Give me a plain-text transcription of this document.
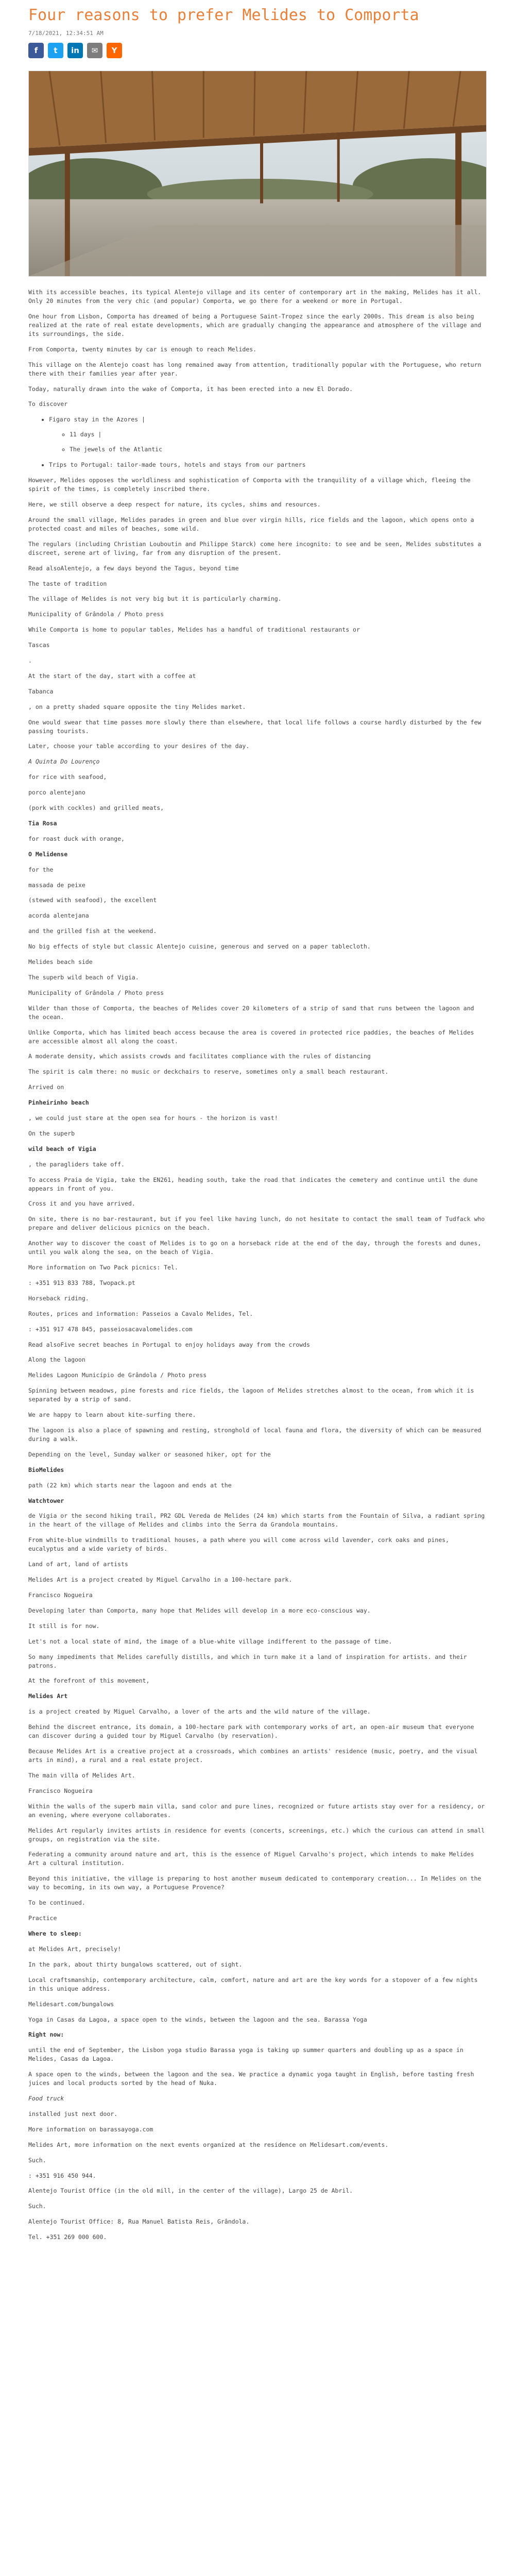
Four reasons to prefer Melides to Comporta
7/18/2021, 12:34:51 AM
f t in ✉ Y

With its accessible beaches, its typical Alentejo village and its center of contemporary art in the making, Melides has it all. Only 20 minutes from the very chic (and popular) Comporta, we go there for a weekend or more in Portugal.

One hour from Lisbon, Comporta has dreamed of being a Portuguese Saint-Tropez since the early 2000s. This dream is also being realized at the rate of real estate developments, which are gradually changing the appearance and atmosphere of the village and its surroundings, the side.

From Comporta, twenty minutes by car is enough to reach Melides.

This village on the Alentejo coast has long remained away from attention, traditionally popular with the Portuguese, who return there with their families year after year.

Today, naturally drawn into the wake of Comporta, it has been erected into a new El Dorado.

To discover

• Figaro stay in the Azores |
◦ 11 days |
◦ The jewels of the Atlantic
• Trips to Portugal: tailor-made tours, hotels and stays from our partners

However, Melides opposes the worldliness and sophistication of Comporta with the tranquility of a village which, fleeing the spirit of the times, is completely inscribed there.

Here, we still observe a deep respect for nature, its cycles, shims and resources.

Around the small village, Melides parades in green and blue over virgin hills, rice fields and the lagoon, which opens onto a protected coast and miles of beaches, some wild.

The regulars (including Christian Louboutin and Philippe Starck) come here incognito: to see and be seen, Melides substitutes a discreet, serene art of living, far from any disruption of the present.

Read alsoAlentejo, a few days beyond the Tagus, beyond time

The taste of tradition

The village of Melides is not very big but it is particularly charming.

Municipality of Grândola / Photo press

While Comporta is home to popular tables, Melides has a handful of traditional restaurants or

Tascas

.

At the start of the day, start with a coffee at

Tabanca

, on a pretty shaded square opposite the tiny Melides market.

One would swear that time passes more slowly there than elsewhere, that local life follows a course hardly disturbed by the few passing tourists.

Later, choose your table according to your desires of the day.

A Quinta Do Lourenço

for rice with seafood,

porco alentejano

(pork with cockles) and grilled meats,

Tia Rosa

for roast duck with orange,

O Melidense

for the

massada de peixe

(stewed with seafood), the excellent

acorda alentejana

and the grilled fish at the weekend.

No big effects of style but classic Alentejo cuisine, generous and served on a paper tablecloth.

Melides beach side

The superb wild beach of Vigia.

Municipality of Grândola / Photo press

Wilder than those of Comporta, the beaches of Melides cover 20 kilometers of a strip of sand that runs between the lagoon and the ocean.

Unlike Comporta, which has limited beach access because the area is covered in protected rice paddies, the beaches of Melides are accessible almost all along the coast.

A moderate density, which assists crowds and facilitates compliance with the rules of distancing

The spirit is calm there: no music or deckchairs to reserve, sometimes only a small beach restaurant.

Arrived on

Pinheirinho beach

, we could just stare at the open sea for hours - the horizon is vast!

On the superb

wild beach of Vigia

, the paragliders take off.

To access Praia de Vigia, take the EN261, heading south, take the road that indicates the cemetery and continue until the dune appears in front of you.

Cross it and you have arrived.

On site, there is no bar-restaurant, but if you feel like having lunch, do not hesitate to contact the small team of Tudfack who prepare and deliver delicious picnics on the beach.

Another way to discover the coast of Melides is to go on a horseback ride at the end of the day, through the forests and dunes, until you walk along the sea, on the beach of Vigia.

More information on Two Pack picnics: Tel.

: +351 913 833 788, Twopack.pt

Horseback riding.

Routes, prices and information: Passeios a Cavalo Melides, Tel.

: +351 917 478 845, passeiosacavalomelides.com

Read alsoFive secret beaches in Portugal to enjoy holidays away from the crowds

Along the lagoon

Melides Lagoon Município de Grândola / Photo press

Spinning between meadows, pine forests and rice fields, the lagoon of Melides stretches almost to the ocean, from which it is separated by a strip of sand.

We are happy to learn about kite-surfing there.

The lagoon is also a place of spawning and resting, stronghold of local fauna and flora, the diversity of which can be measured during a walk.

Depending on the level, Sunday walker or seasoned hiker, opt for the

BioMelides

path (22 km) which starts near the lagoon and ends at the

Watchtower

de Vigia or the second hiking trail, PR2 GDL Vereda de Melides (24 km) which starts from the Fountain of Silva, a radiant spring in the heart of the village of Melides and climbs into the Serra da Grandola mountains.

From white-blue windmills to traditional houses, a path where you will come across wild lavender, cork oaks and pines, eucalyptus and a wide variety of birds.

Land of art, land of artists

Melides Art is a project created by Miguel Carvalho in a 100-hectare park.

Francisco Nogueira

Developing later than Comporta, many hope that Melides will develop in a more eco-conscious way.

It still is for now.

Let's not a local state of mind, the image of a blue-white village indifferent to the passage of time.

So many impediments that Melides carefully distills, and which in turn make it a land of inspiration for artists. and their patrons.

At the forefront of this movement,

Melides Art

is a project created by Miguel Carvalho, a lover of the arts and the wild nature of the village.

Behind the discreet entrance, its domain, a 100-hectare park with contemporary works of art, an open-air museum that everyone can discover during a guided tour by Miguel Carvalho (by reservation).

Because Melides Art is a creative project at a crossroads, which combines an artists' residence (music, poetry, and the visual arts in mind), a rural and a real estate project.

The main villa of Melides Art.

Francisco Nogueira

Within the walls of the superb main villa, sand color and pure lines, recognized or future artists stay over for a residency, or an evening, where everyone collaborates.

Melides Art regularly invites artists in residence for events (concerts, screenings, etc.) which the curious can attend in small groups, on registration via the site.

Federating a community around nature and art, this is the essence of Miguel Carvalho's project, which intends to make Melides Art a cultural institution.

Beyond this initiative, the village is preparing to host another museum dedicated to contemporary creation... In Melides on the way to becoming, in its own way, a Portuguese Provence?

To be continued.

Practice

Where to sleep:

at Melides Art, precisely!

In the park, about thirty bungalows scattered, out of sight.

Local craftsmanship, contemporary architecture, calm, comfort, nature and art are the key words for a stopover of a few nights in this unique address.

Melidesart.com/bungalows

Yoga in Casas da Lagoa, a space open to the winds, between the lagoon and the sea. Barassa Yoga

Right now:

until the end of September, the Lisbon yoga studio Barassa yoga is taking up summer quarters and doubling up as a space in Melides, Casas da Lagoa.

A space open to the winds, between the lagoon and the sea. We practice a dynamic yoga taught in English, before tasting fresh juices and local products sorted by the head of Nuka.

Food truck

installed just next door.

More information on barassayoga.com

Melides Art, more information on the next events organized at the residence on Melidesart.com/events.

Such.

: +351 916 450 944.

Alentejo Tourist Office (in the old mill, in the center of the village), Largo 25 de Abril.

Such.

Alentejo Tourist Office: 8, Rua Manuel Batista Reis, Grândola.

Tel. +351 269 000 600.
